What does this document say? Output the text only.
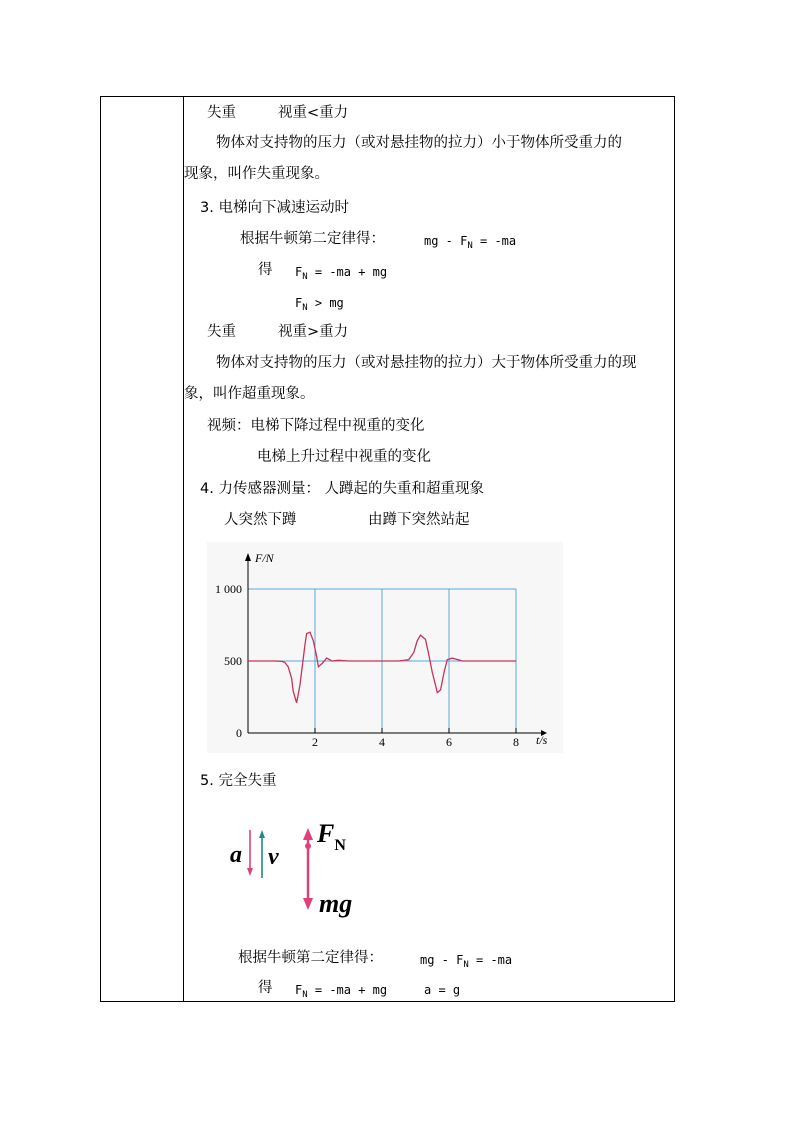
失重	视重<重力
物体对支持物的压力（或对悬挂物的拉力）小于物体所受重力的
现象，叫作失重现象。
3. 电梯向下减速运动时
根据牛顿第二定律得：	mg - $F_N = -ma$
得 $F_N = -ma$ + mg
$F_N$ > mg
失重	视重>重力
物体对支持物的压力（或对悬挂物的拉力）大于物体所受重力的现
象，叫作超重现象。
视频：电梯下降过程中视重的变化
电梯上升过程中视重的变化
4. 力传感器测量： 人蹲起的失重和超重现象
人突然下蹲	由蹲下突然站起
F/N
t/s
1 000
500
0
2	4	6	8
5. 完全失重
a v
$F_N$
mg
根据牛顿第二定律得：	mg - $F_N = -ma$
得 $F_N = -ma$ + mg	a = g
